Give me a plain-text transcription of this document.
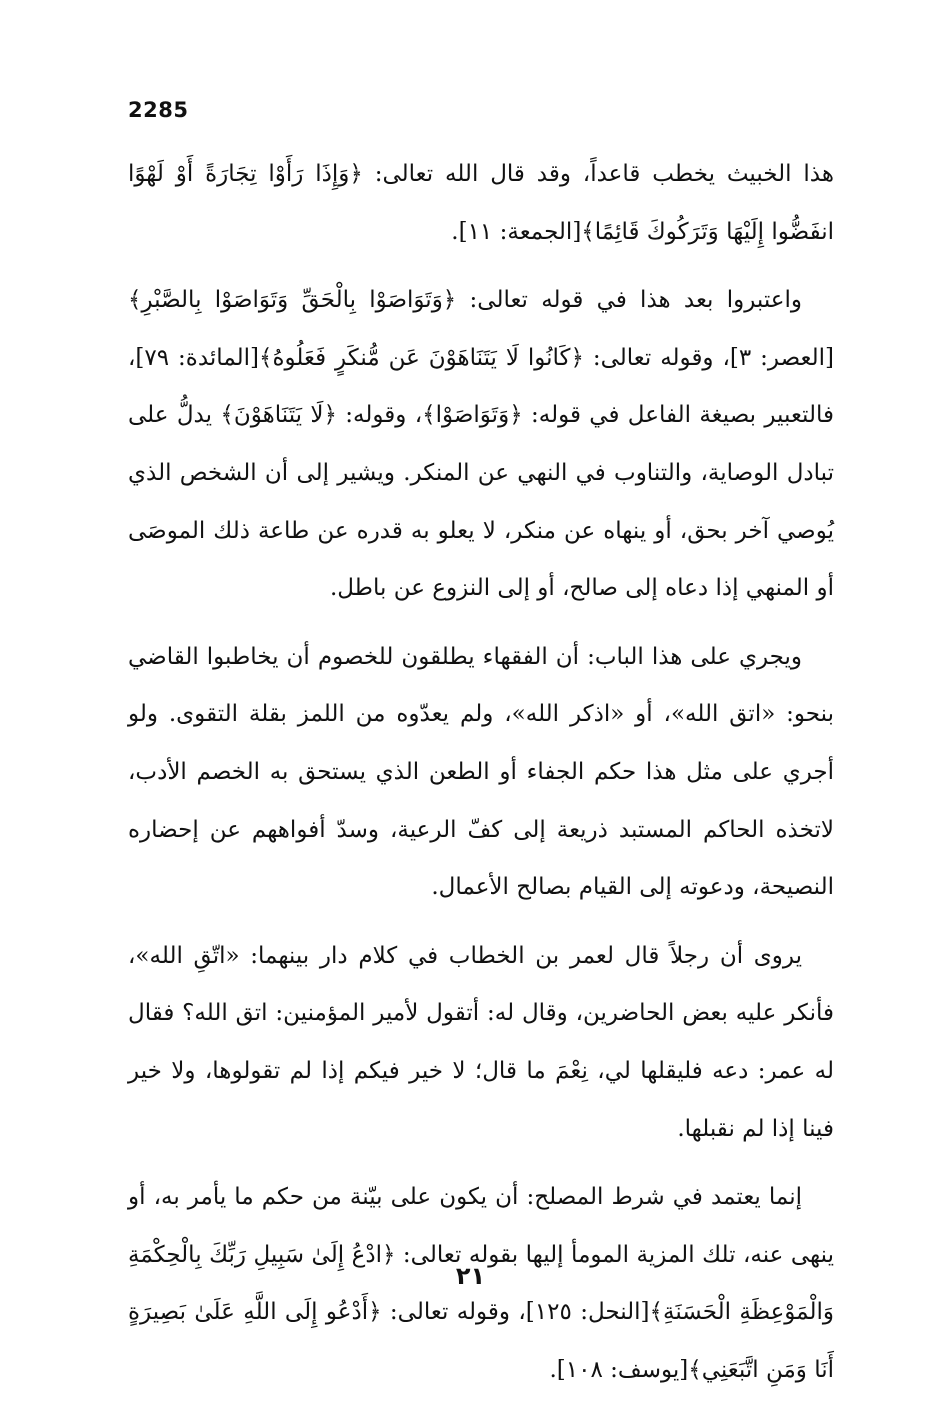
2285

هذا الخبيث يخطب قاعداً، وقد قال الله تعالى: ﴿وَإِذَا رَأَوْا تِجَارَةً أَوْ لَهْوًا انفَضُّوا إِلَيْهَا وَتَرَكُوكَ قَائِمًا﴾[الجمعة: ١١].

واعتبروا بعد هذا في قوله تعالى: ﴿وَتَوَاصَوْا بِالْحَقِّ وَتَوَاصَوْا بِالصَّبْرِ﴾[العصر: ٣]، وقوله تعالى: ﴿كَانُوا لَا يَتَنَاهَوْنَ عَن مُّنكَرٍ فَعَلُوهُ﴾[المائدة: ٧٩]، فالتعبير بصيغة الفاعل في قوله: ﴿وَتَوَاصَوْا﴾، وقوله: ﴿لَا يَتَنَاهَوْنَ﴾ يدلُّ على تبادل الوصاية، والتناوب في النهي عن المنكر. ويشير إلى أن الشخص الذي يُوصي آخر بحق، أو ينهاه عن منكر، لا يعلو به قدره عن طاعة ذلك الموصَى أو المنهي إذا دعاه إلى صالح، أو إلى النزوع عن باطل.

ويجري على هذا الباب: أن الفقهاء يطلقون للخصوم أن يخاطبوا القاضي بنحو: «اتق الله»، أو «اذكر الله»، ولم يعدّوه من اللمز بقلة التقوى. ولو أجري على مثل هذا حكم الجفاء أو الطعن الذي يستحق به الخصم الأدب، لاتخذه الحاكم المستبد ذريعة إلى كفّ الرعية، وسدّ أفواههم عن إحضاره النصيحة، ودعوته إلى القيام بصالح الأعمال.

يروى أن رجلاً قال لعمر بن الخطاب في كلام دار بينهما: «اتّقِ الله»، فأنكر عليه بعض الحاضرين، وقال له: أتقول لأمير المؤمنين: اتق الله؟ فقال له عمر: دعه فليقلها لي، نِعْمَ ما قال؛ لا خير فيكم إذا لم تقولوها، ولا خير فينا إذا لم نقبلها.

إنما يعتمد في شرط المصلح: أن يكون على بيّنة من حكم ما يأمر به، أو ينهى عنه، تلك المزية المومأ إليها بقوله تعالى: ﴿ادْعُ إِلَىٰ سَبِيلِ رَبِّكَ بِالْحِكْمَةِ وَالْمَوْعِظَةِ الْحَسَنَةِ﴾[النحل: ١٢٥]، وقوله تعالى: ﴿أَدْعُو إِلَى اللَّهِ عَلَىٰ بَصِيرَةٍ أَنَا وَمَنِ اتَّبَعَنِي﴾[يوسف: ١٠٨].

٢١
